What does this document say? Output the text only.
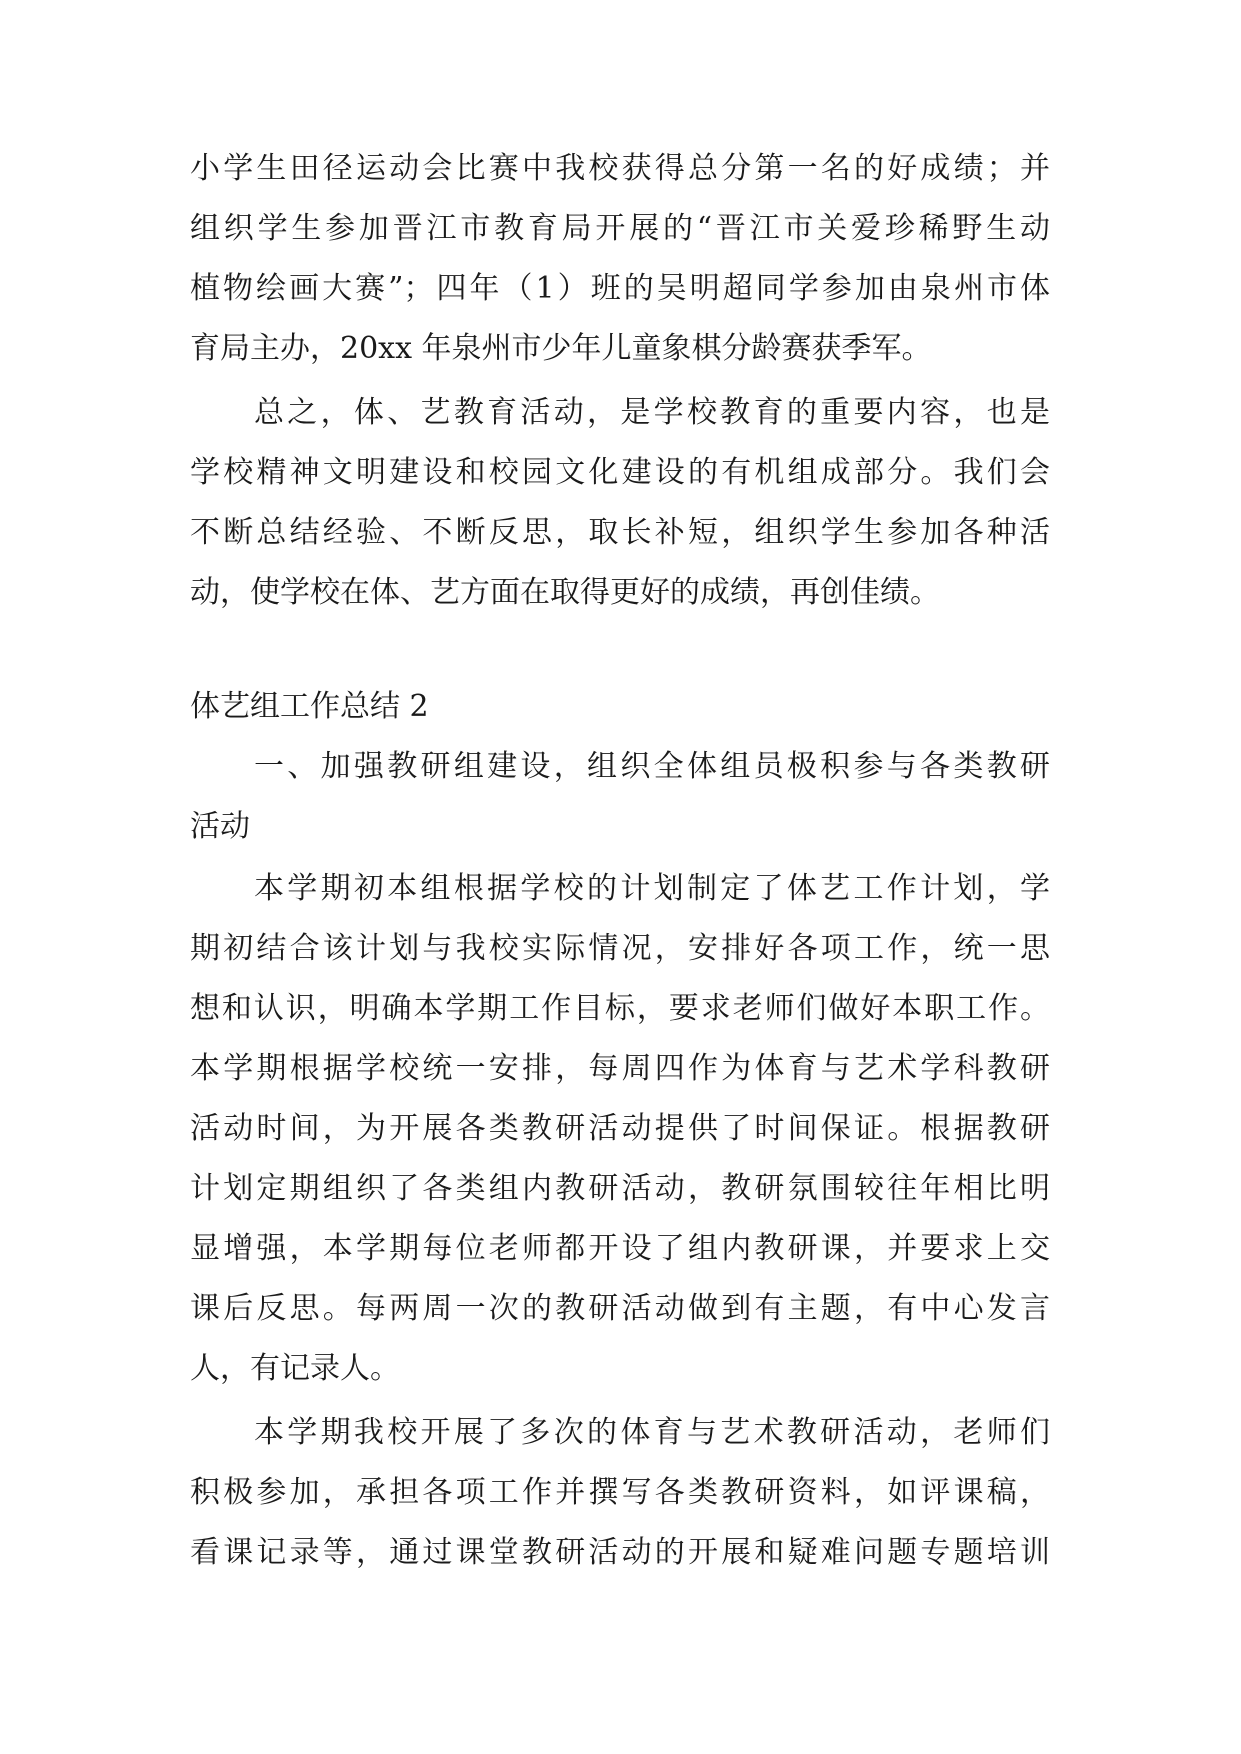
小学生田径运动会比赛中我校获得总分第一名的好成绩；并
组织学生参加晋江市教育局开展的“晋江市关爱珍稀野生动
植物绘画大赛”；四年（1）班的吴明超同学参加由泉州市体
育局主办，20xx 年泉州市少年儿童象棋分龄赛获季军。
总之，体、艺教育活动，是学校教育的重要内容，也是
学校精神文明建设和校园文化建设的有机组成部分。我们会
不断总结经验、不断反思，取长补短，组织学生参加各种活
动，使学校在体、艺方面在取得更好的成绩，再创佳绩。
体艺组工作总结 2
一、加强教研组建设，组织全体组员极积参与各类教研
活动
本学期初本组根据学校的计划制定了体艺工作计划，学
期初结合该计划与我校实际情况，安排好各项工作，统一思
想和认识，明确本学期工作目标，要求老师们做好本职工作。
本学期根据学校统一安排，每周四作为体育与艺术学科教研
活动时间，为开展各类教研活动提供了时间保证。根据教研
计划定期组织了各类组内教研活动，教研氛围较往年相比明
显增强，本学期每位老师都开设了组内教研课，并要求上交
课后反思。每两周一次的教研活动做到有主题，有中心发言
人，有记录人。
本学期我校开展了多次的体育与艺术教研活动，老师们
积极参加，承担各项工作并撰写各类教研资料，如评课稿，
看课记录等，通过课堂教研活动的开展和疑难问题专题培训
